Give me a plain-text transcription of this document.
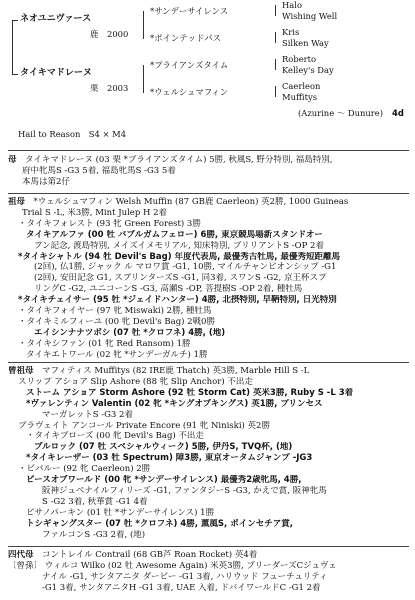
ネオユニヴァース
鹿 2000
タイキマドレーヌ
栗 2003
*サンデーサイレンス
*ポインテッドパス
*プライアンズタイム
*ウェルシュマフィン
Halo
Wishing Well
Kris
Silken Way
Roberto
Kelley's Day
Caerleon
Muffitys
(Azurine ～ Dunure) 4d
Hail to Reason　S4 × M4
母　 タイキマドレーヌ (03 栗 *ブライアンズタイム) 5勝, 秋風S, 野分特別, 福島特別,
府中牝馬S -G3 5着, 福島牝馬S -G3 5着
本馬は第2仔
祖母　 *ウェルシュマフィン Welsh Muffin (87 GB鹿 Caerleon) 英2勝, 1000 Guineas
Trial S -L, 米3勝, Mint Julep H 2着
・タイキフォレスト (93 牝 Green Forest) 3勝
タイキアルファ (00 牡 バブルガムフェロー) 6勝, 東京競馬場新スタンドオー
プン記念, 渡島特別, メイズイメモリアル, 知床特別, ブリリアントS -OP 2着
*タイキシャトル (94 牡 Devil's Bag) 年度代表馬, 最優秀古牡馬, 最優秀短距離馬
(2回), 仏1勝, ジャック ル マロワ賞 -G1, 10勝, マイルチャンピオンシップ -G1
(2回), 安田記念 G1, スプリンターズS -G1, 同3着, スワンS -G2, 京王杯スプ
リングC -G2, ユニコーンS -G3, 高瀬S -OP, 菩提樹S -OP 2着, 種牡馬
*タイキチェイサー (95 牡 *ジェイドハンター) 4勝, 北摂特別, 早鞆特別, 日光特別
・タイキフォイヤー (97 牝 Miswaki) 2勝, 種牡馬
・タイキミルフィーユ (00 牝 Devil's Bag) 2戦0勝
エイシンナナツボシ (07 牡 *クロフネ) 4勝, (地)
・タイキシファン (01 牝 Red Ransom) 1勝
タイキエトワール (02 牝 *サンデーガルチ) 1勝
曾祖母　 マフィティス Muffitys (82 IRE鹿 Thatch) 英3勝, Marble Hill S -L
スリップ アショア Slip Ashore (88 牝 Slip Anchor) 不出走
ストーム アショア Storm Ashore (92 牡 Storm Cat) 英米3勝, Ruby S -L 3着
*ヴァレンティン Valentin (02 牝 *キングオブキングス) 英1勝, プリンセス
マーガレットS -G3 2着
ブラヴェイト アンコール Private Encore (91 牝 Niniski) 英2勝
・タイキブローズ (00 牝 Devil's Bag) 不出走
ブルロック (07 牡 スペシャルウィーク) 5勝, 伊丹S, TVQ杯, (地)
*タイキレーザー (03 牡 Spectrum) 障3勝, 東京オータムジャンプ -JG3
・ビパルー (92 牝 Caerleon) 2勝
ビースオブワールド (00 牝 *サンデーサイレンス) 最優秀2歳牝馬, 4勝,
阪神ジュベナイルフィリーズ -G1, ファンタジーS -G3, かえで賞, 阪神牝馬
S -G2 3着, 秋華賞 -G1 4着
ピサノパーキン (01 牡 *サンデーサイレンス) 1勝
トシギャングスター (07 牡 *クロフネ) 4勝, 薫風S, ポインセチア賞,
ファルコンS -G3 2着, (地)
四代母　 コントレイル Contrail (68 GB芦 Roan Rocket) 英4着
〔曾孫〕 ウィルコ Wilko (02 牡 Awesome Again) 米英3勝, ブリーダーズCジュヴェ
ナイル -G1, サンタアニタ ダービー -G1 3着, ハリウッド フューチュリティ
-G1 3着, サンタアニタH -G1 3着, UAE 入着, ドバイワールドC -G1 2着
